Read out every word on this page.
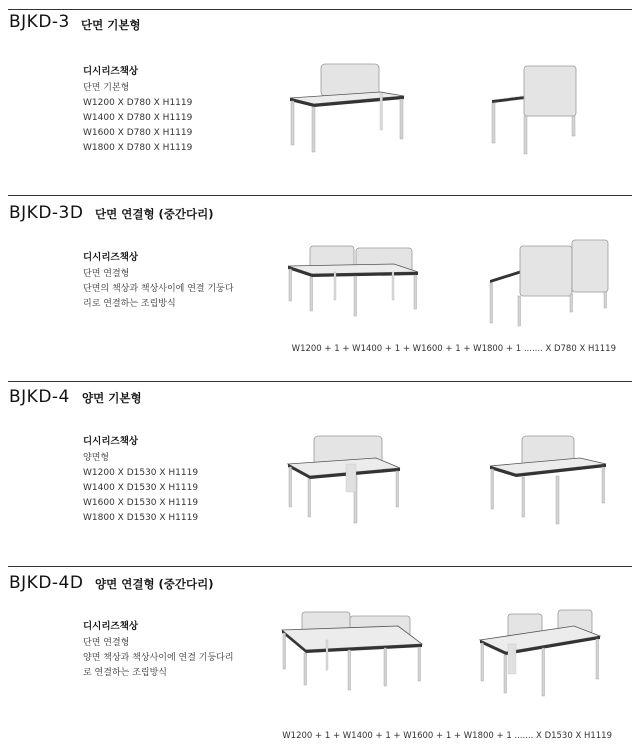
BJKD-3 단면 기본형
디시리즈책상
단면 기본형
W1200 X D780 X H1119
W1400 X D780 X H1119
W1600 X D780 X H1119
W1800 X D780 X H1119
BJKD-3D 단면 연결형 (중간다리)
디시리즈책상
단면 연결형
단면의 책상과 책상사이에 연결 기둥다
리로 연결하는 조립방식
W1200 + 1 + W1400 + 1 + W1600 + 1 + W1800 + 1 ....... X D780 X H1119
BJKD-4 양면 기본형
디시리즈책상
양면형
W1200 X D1530 X H1119
W1400 X D1530 X H1119
W1600 X D1530 X H1119
W1800 X D1530 X H1119
BJKD-4D 양면 연결형 (중간다리)
디시리즈책상
단면 연결형
양면 책상과 책상사이에 연결 기둥다리
로 연결하는 조립방식
W1200 + 1 + W1400 + 1 + W1600 + 1 + W1800 + 1 ....... X D1530 X H1119
